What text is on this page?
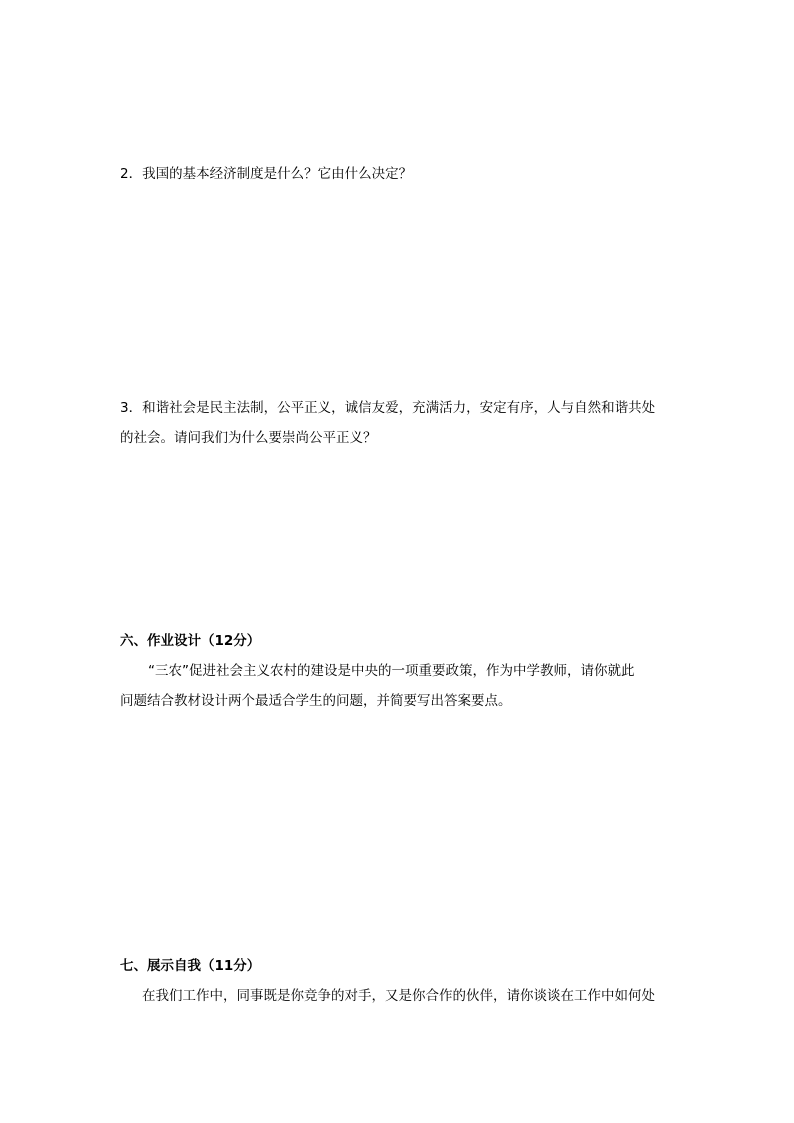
2．我国的基本经济制度是什么？它由什么决定？
3．和谐社会是民主法制，公平正义，诚信友爱，充满活力，安定有序，人与自然和谐共处
的社会。请问我们为什么要崇尚公平正义？
六、作业设计（12分）
“三农”促进社会主义农村的建设是中央的一项重要政策，作为中学教师，请你就此
问题结合教材设计两个最适合学生的问题，并简要写出答案要点。
七、展示自我（11分）
在我们工作中，同事既是你竞争的对手，又是你合作的伙伴，请你谈谈在工作中如何处
